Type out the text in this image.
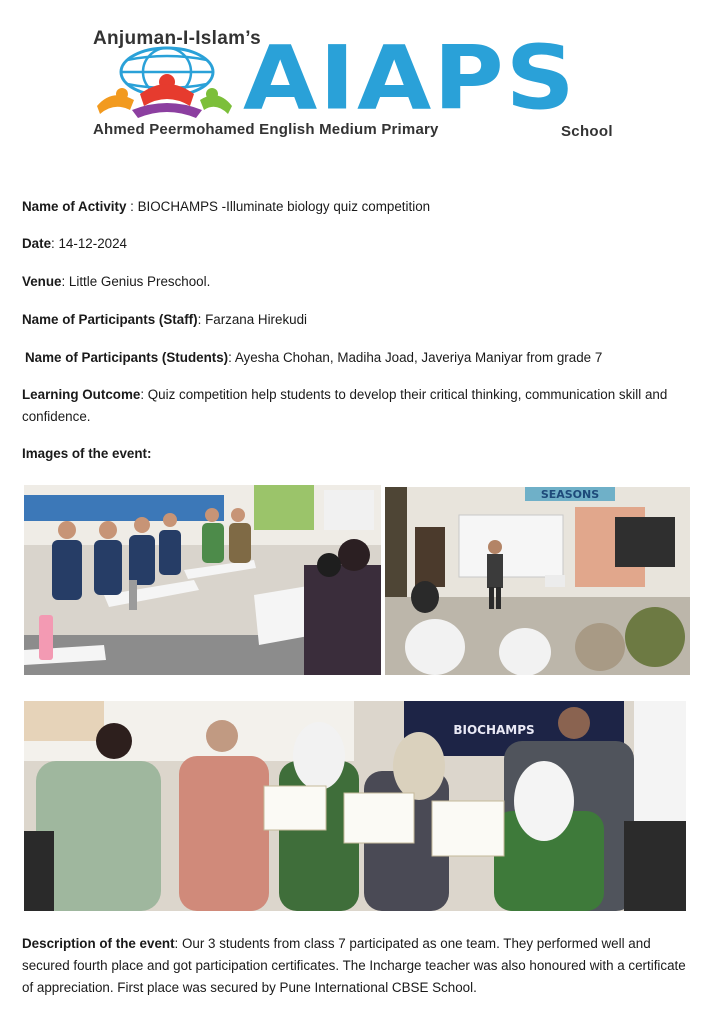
Anjuman-I-Islam’s
AIAPS
Ahmed Peermohamed English Medium Primary	School
Name of Activity : BIOCHAMPS -Illuminate biology quiz competition
Date: 14-12-2024
Venue: Little Genius Preschool.
Name of Participants (Staff): Farzana Hirekudi
Name of Participants (Students): Ayesha Chohan, Madiha Joad, Javeriya Maniyar from grade 7
Learning Outcome: Quiz competition help students to develop their critical thinking, communication skill and confidence.
Images of the event:
SEASONS
BIOCHAMPS
Description of the event: Our 3 students from class 7 participated as one team. They performed well and secured fourth place and got participation certificates. The Incharge teacher was also honoured with a certificate of appreciation. First place was secured by Pune International CBSE School.
